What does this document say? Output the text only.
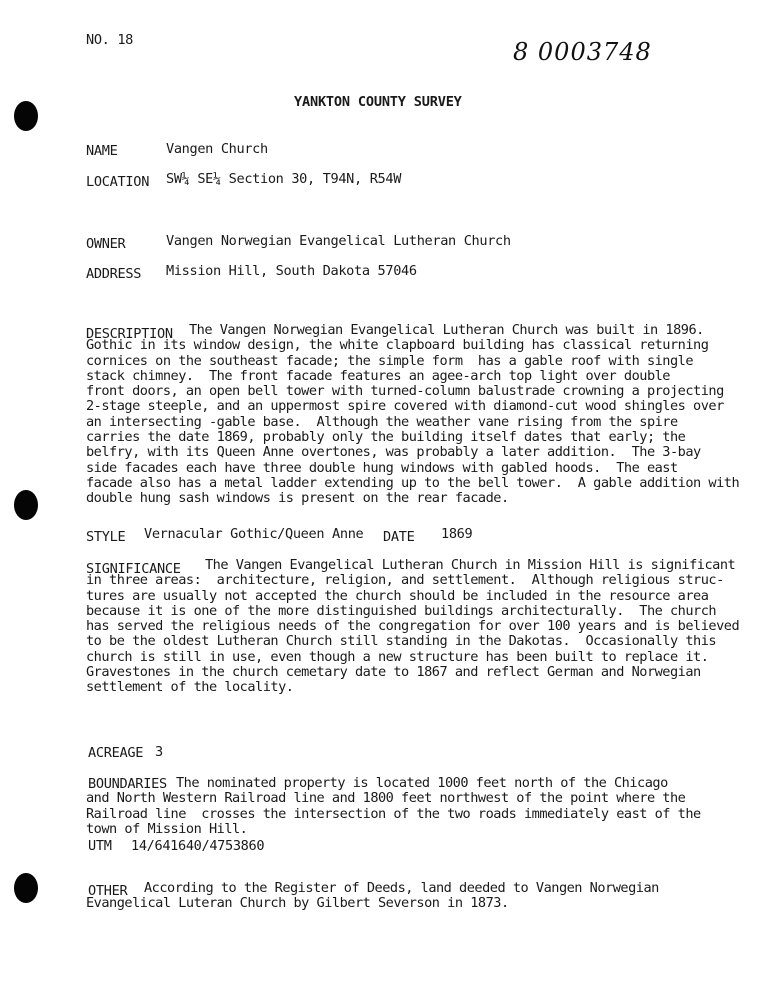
NO. 18	8 0003748
YANKTON COUNTY SURVEY
NAME	Vangen Church
LOCATION SW¼ SE¼ Section 30, T94N, R54W
OWNER	Vangen Norwegian Evangelical Lutheran Church
ADDRESS Mission Hill, South Dakota 57046
DESCRIPTION	The Vangen Norwegian Evangelical Lutheran Church was built in 1896.
Gothic in its window design, the white clapboard building has classical returning
cornices on the southeast facade; the simple form  has a gable roof with single
stack chimney.  The front facade features an agee-arch top light over double
front doors, an open bell tower with turned-column balustrade crowning a projecting
2-stage steeple, and an uppermost spire covered with diamond-cut wood shingles over
an intersecting -gable base.  Although the weather vane rising from the spire
carries the date 1869, probably only the building itself dates that early; the
belfry, with its Queen Anne overtones, was probably a later addition.  The 3-bay
side facades each have three double hung windows with gabled hoods.  The east
facade also has a metal ladder extending up to the bell tower.  A gable addition with
double hung sash windows is present on the rear facade.
STYLE Vernacular Gothic/Queen Anne DATE 1869
SIGNIFICANCE	The Vangen Evangelical Lutheran Church in Mission Hill is significant
in three areas:  architecture, religion, and settlement.  Although religious struc-
tures are usually not accepted the church should be included in the resource area
because it is one of the more distinguished buildings architecturally.  The church
has served the religious needs of the congregation for over 100 years and is believed
to be the oldest Lutheran Church still standing in the Dakotas.  Occasionally this
church is still in use, even though a new structure has been built to replace it.
Gravestones in the church cemetary date to 1867 and reflect German and Norwegian
settlement of the locality.
ACREAGE 3
BOUNDARIES The nominated property is located 1000 feet north of the Chicago
and North Western Railroad line and 1800 feet northwest of the point where the
Railroad line  crosses the intersection of the two roads immediately east of the
town of Mission Hill.
UTM 14/641640/4753860
OTHER	According to the Register of Deeds, land deeded to Vangen Norwegian
Evangelical Luteran Church by Gilbert Severson in 1873.
